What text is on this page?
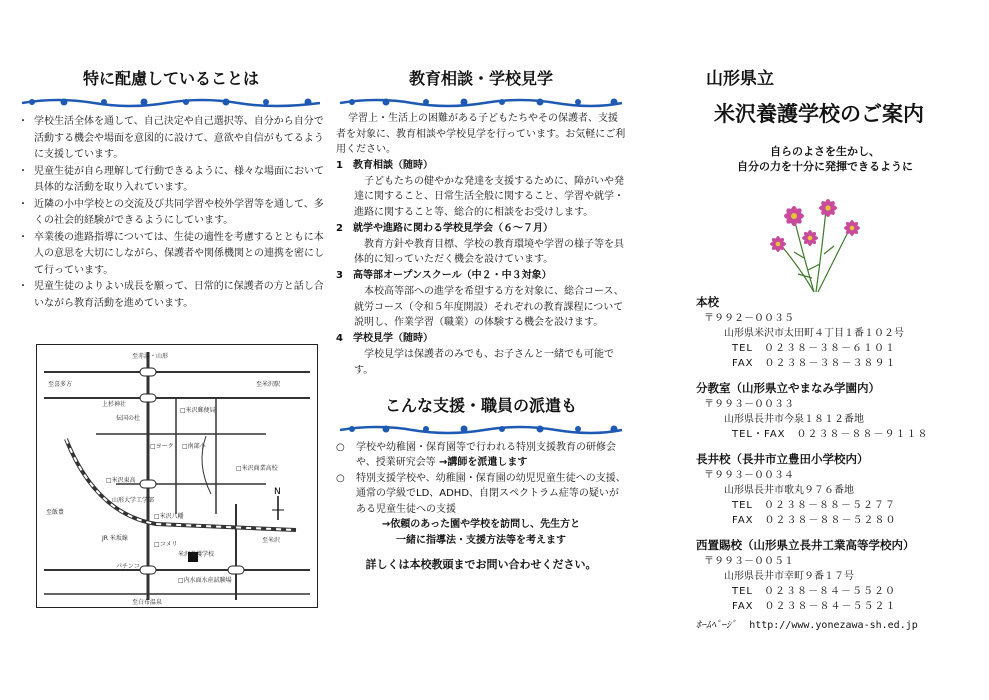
特に配慮していることは
・ 学校生活全体を通して、自己決定や自己選択等、自分から自分で活動する機会や場面を意図的に設けて、意欲や自信がもてるように支援しています。
・ 児童生徒が自ら理解して行動できるように、様々な場面において具体的な活動を取り入れています。
・ 近隣の小中学校との交流及び共同学習や校外学習等を通して、多くの社会的経験ができるようにしています。
・ 卒業後の進路指導については、生徒の適性を考慮するとともに本人の意思を大切にしながら、保護者や関係機関との連携を密にして行っています。
・ 児童生徒のよりよい成長を願って、日常的に保護者の方と話し合いながら教育活動を進めています。
至赤湯・山形
至喜多方	至米沢駅
上杉神社
伝国の杜
□米沢郵便局
□ヨーク □南部小
□米沢商業高校
□米沢東高
山形大学工学部
至飯豊
至米沢
JR 米坂線
□米沢八幡
□コメリ
米沢養護学校
パチンコ
□内水面水産試験場
至白布温泉
N
教育相談・学校見学
学習上・生活上の困難がある子どもたちやその保護者、支援者を対象に、教育相談や学校見学を行っています。お気軽にご利用ください。
1　 教育相談（随時）
子どもたちの健やかな発達を支援するために、障がいや発達に関すること、日常生活全般に関すること、学習や就学・進路に関すること等、総合的に相談をお受けします。
2　 就学や進路に関わる学校見学会（６～７月）
教育方針や教育目標、学校の教育環境や学習の様子等を具体的に知っていただく機会を設けています。
3　 高等部オープンスクール（中２・中３対象）
本校高等部への進学を希望する方を対象に、総合コース、就労コース（令和５年度開設）それぞれの教育課程について説明し、作業学習（職業）の体験する機会を設けます。
4　 学校見学（随時）
学校見学は保護者のみでも、お子さんと一緒でも可能です。
こんな支援・職員の派遣も
○ 学校や幼稚園・保育園等で行われる特別支援教育の研修会や、授業研究会等 →講師を派遣します
○ 特別支援学校や、幼稚園・保育園の幼児児童生徒への支援、通常の学級でLD、ADHD、自閉スペクトラム症等の疑いがある児童生徒への支援
→依頼のあった園や学校を訪問し、先生方と
一緒に指導法・支援方法等を考えます
詳しくは本校教頭までお問い合わせください。
山形県立
米沢養護学校のご案内
自らのよさを生かし、
自分の力を十分に発揮できるように
本校
〒９９２－００３５
山形県米沢市太田町４丁目１番１０２号
TEL　０２３８－３８－６１０１
FAX　０２３８－３８－３８９１
分教室（山形県立やまなみ学園内）
〒９９３－００３３
山形県長井市今泉１８１２番地
TEL・FAX　０２３８－８８－９１１８
長井校（長井市立豊田小学校内）
〒９９３－００３４
山形県長井市歌丸９７６番地
TEL　０２３８－８８－５２７７
FAX　０２３８－８８－５２８０
西置賜校（山形県立長井工業高等学校内）
〒９９３－００５１
山形県長井市幸町９番１７号
TEL　０２３８－８４－５５２０
FAX　０２３８－８４－５５２１
ﾎｰﾑﾍﾟｰｼﾞ http://www.yonezawa-sh.ed.jp
